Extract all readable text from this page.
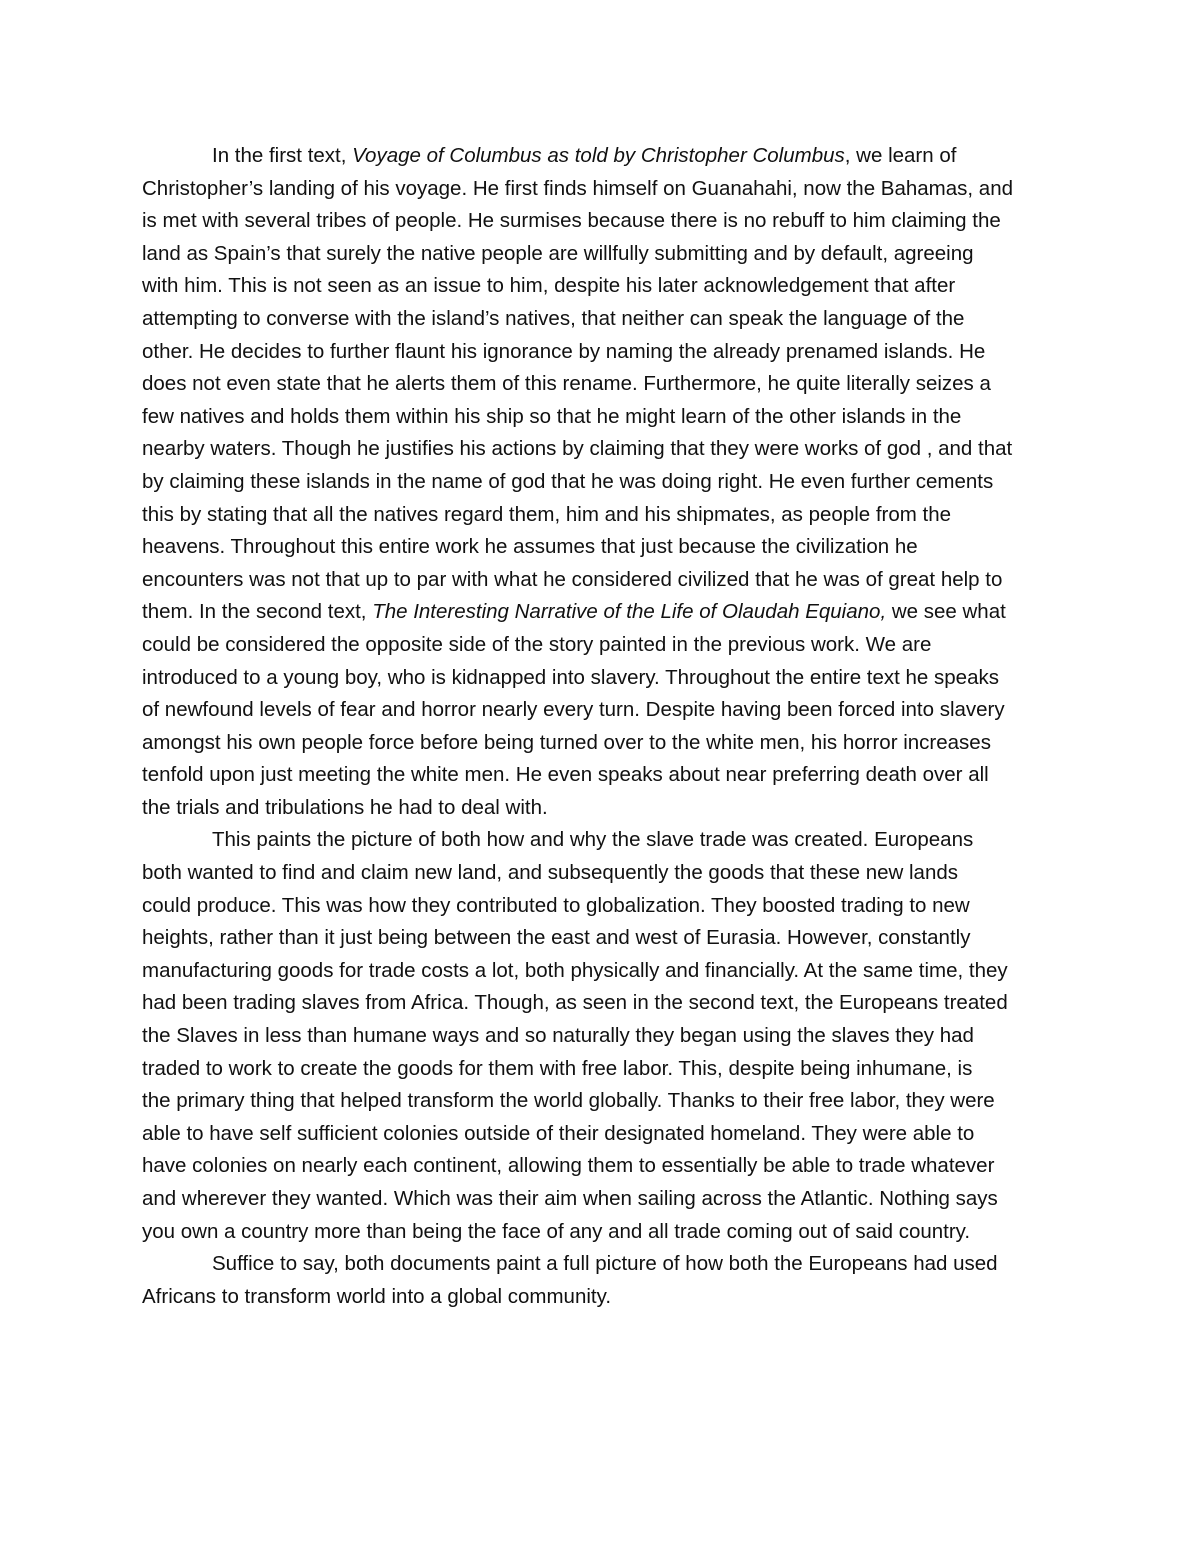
In the first text, Voyage of Columbus as told by Christopher Columbus, we learn of
Christopher’s landing of his voyage. He first finds himself on Guanahahi, now the Bahamas, and
is met with several tribes of people. He surmises because there is no rebuff to him claiming the
land as Spain’s that surely the native people are willfully submitting and by default, agreeing
with him. This is not seen as an issue to him, despite his later acknowledgement that after
attempting to converse with the island’s natives, that neither can speak the language of the
other. He decides to further flaunt his ignorance by naming the already prenamed islands. He
does not even state that he alerts them of this rename. Furthermore, he quite literally seizes a
few natives and holds them within his ship so that he might learn of the other islands in the
nearby waters. Though he justifies his actions by claiming that they were works of god , and that
by claiming these islands in the name of god that he was doing right. He even further cements
this by stating that all the natives regard them, him and his shipmates, as people from the
heavens. Throughout this entire work he assumes that just because the civilization he
encounters was not that up to par with what he considered civilized that he was of great help to
them. In the second text, The Interesting Narrative of the Life of Olaudah Equiano, we see what
could be considered the opposite side of the story painted in the previous work. We are
introduced to a young boy, who is kidnapped into slavery. Throughout the entire text he speaks
of newfound levels of fear and horror nearly every turn. Despite having been forced into slavery
amongst his own people force before being turned over to the white men, his horror increases
tenfold upon just meeting the white men. He even speaks about near preferring death over all
the trials and tribulations he had to deal with.
This paints the picture of both how and why the slave trade was created. Europeans
both wanted to find and claim new land, and subsequently the goods that these new lands
could produce. This was how they contributed to globalization. They boosted trading to new
heights, rather than it just being between the east and west of Eurasia. However, constantly
manufacturing goods for trade costs a lot, both physically and financially. At the same time, they
had been trading slaves from Africa. Though, as seen in the second text, the Europeans treated
the Slaves in less than humane ways and so naturally they began using the slaves they had
traded to work to create the goods for them with free labor. This, despite being inhumane, is
the primary thing that helped transform the world globally. Thanks to their free labor, they were
able to have self sufficient colonies outside of their designated homeland. They were able to
have colonies on nearly each continent, allowing them to essentially be able to trade whatever
and wherever they wanted. Which was their aim when sailing across the Atlantic. Nothing says
you own a country more than being the face of any and all trade coming out of said country.
Suffice to say, both documents paint a full picture of how both the Europeans had used
Africans to transform world into a global community.
